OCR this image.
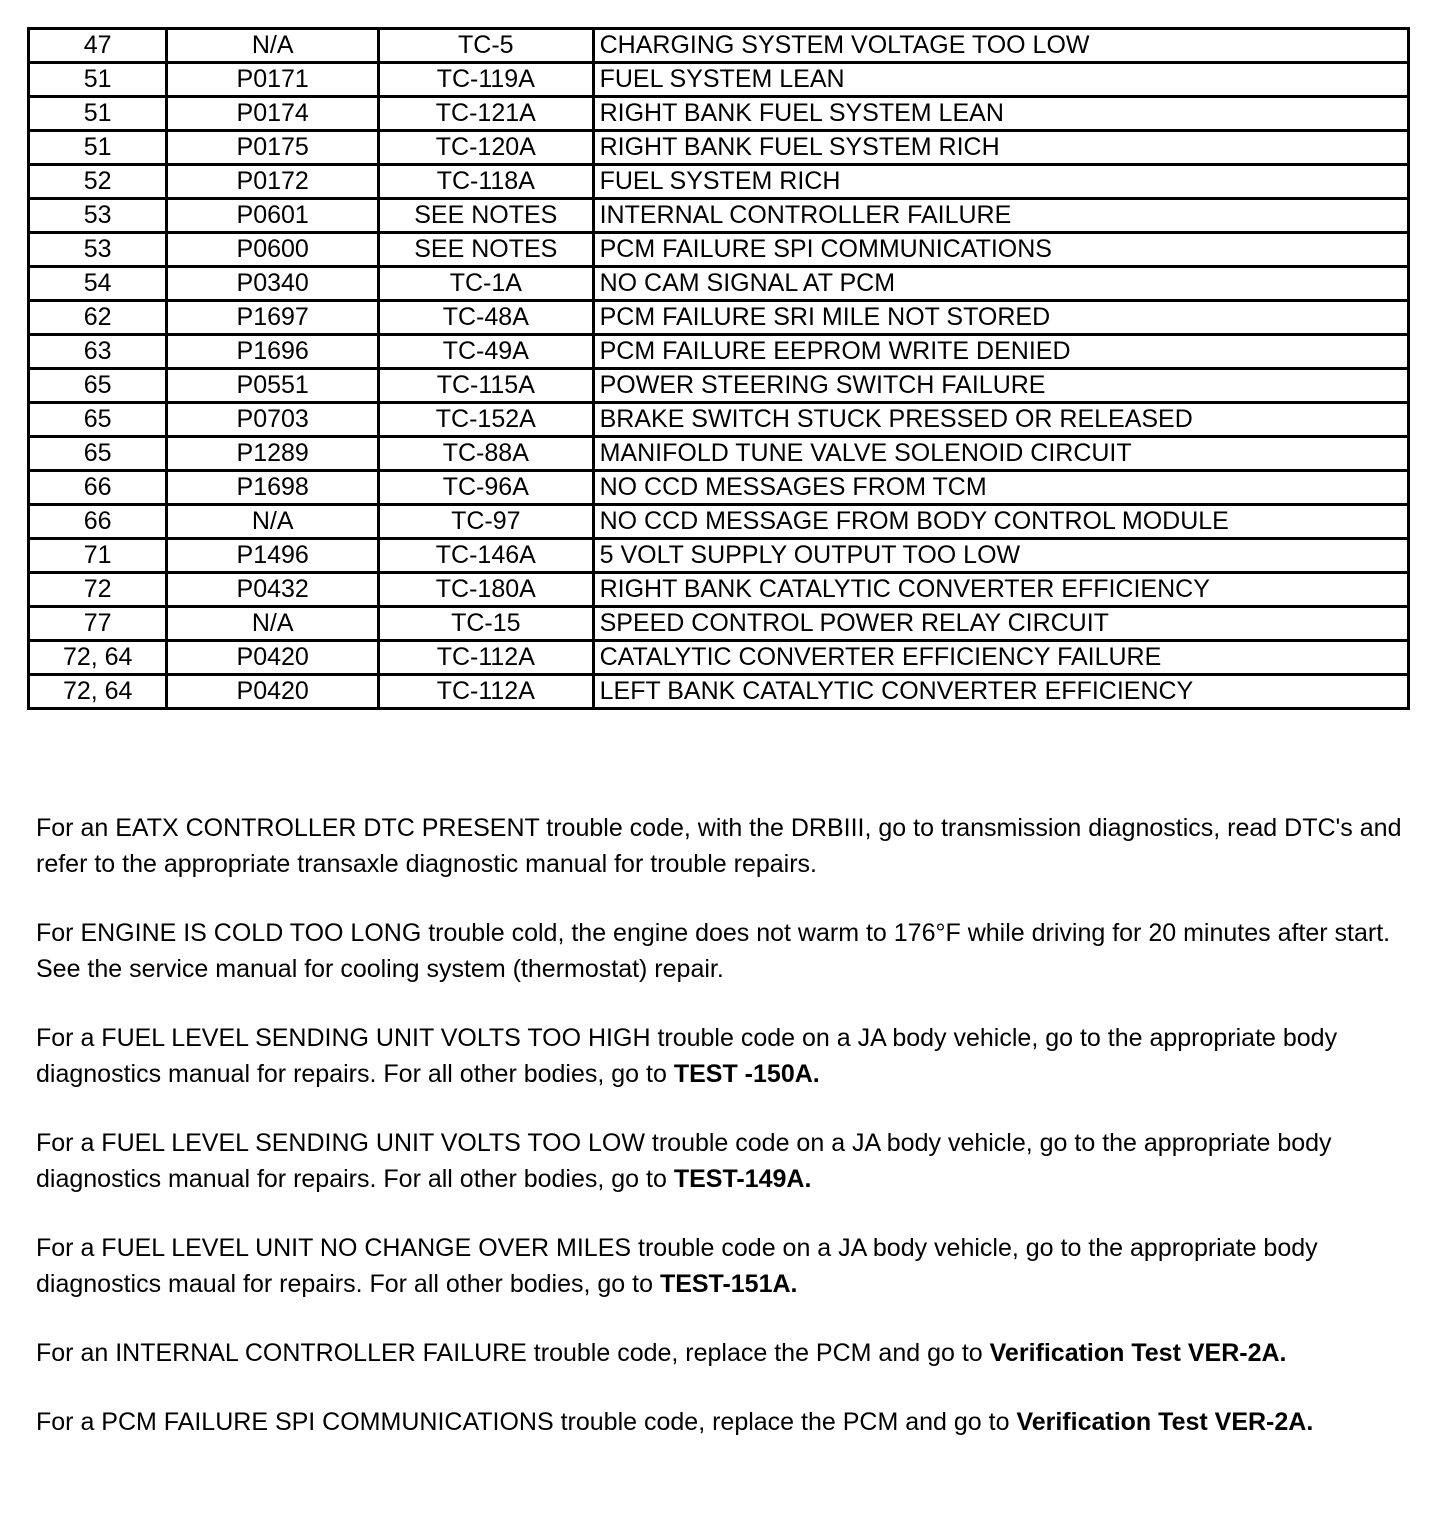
47	N/A	TC-5	CHARGING SYSTEM VOLTAGE TOO LOW
51	P0171	TC-119A	FUEL SYSTEM LEAN
51	P0174	TC-121A	RIGHT BANK FUEL SYSTEM LEAN
51	P0175	TC-120A	RIGHT BANK FUEL SYSTEM RICH
52	P0172	TC-118A	FUEL SYSTEM RICH
53	P0601	SEE NOTES	INTERNAL CONTROLLER FAILURE
53	P0600	SEE NOTES	PCM FAILURE SPI COMMUNICATIONS
54	P0340	TC-1A	NO CAM SIGNAL AT PCM
62	P1697	TC-48A	PCM FAILURE SRI MILE NOT STORED
63	P1696	TC-49A	PCM FAILURE EEPROM WRITE DENIED
65	P0551	TC-115A	POWER STEERING SWITCH FAILURE
65	P0703	TC-152A	BRAKE SWITCH STUCK PRESSED OR RELEASED
65	P1289	TC-88A	MANIFOLD TUNE VALVE SOLENOID CIRCUIT
66	P1698	TC-96A	NO CCD MESSAGES FROM TCM
66	N/A	TC-97	NO CCD MESSAGE FROM BODY CONTROL MODULE
71	P1496	TC-146A	5 VOLT SUPPLY OUTPUT TOO LOW
72	P0432	TC-180A	RIGHT BANK CATALYTIC CONVERTER EFFICIENCY
77	N/A	TC-15	SPEED CONTROL POWER RELAY CIRCUIT
72, 64	P0420	TC-112A	CATALYTIC CONVERTER EFFICIENCY FAILURE
72, 64	P0420	TC-112A	LEFT BANK CATALYTIC CONVERTER EFFICIENCY

For an EATX CONTROLLER DTC PRESENT trouble code, with the DRBIII, go to transmission diagnostics, read DTC's and refer to the appropriate transaxle diagnostic manual for trouble repairs.

For ENGINE IS COLD TOO LONG trouble cold, the engine does not warm to 176°F while driving for 20 minutes after start. See the service manual for cooling system (thermostat) repair.

For a FUEL LEVEL SENDING UNIT VOLTS TOO HIGH trouble code on a JA body vehicle, go to the appropriate body diagnostics manual for repairs. For all other bodies, go to TEST -150A.

For a FUEL LEVEL SENDING UNIT VOLTS TOO LOW trouble code on a JA body vehicle, go to the appropriate body diagnostics manual for repairs. For all other bodies, go to TEST-149A.

For a FUEL LEVEL UNIT NO CHANGE OVER MILES trouble code on a JA body vehicle, go to the appropriate body diagnostics maual for repairs. For all other bodies, go to TEST-151A.

For an INTERNAL CONTROLLER FAILURE trouble code, replace the PCM and go to Verification Test VER-2A.

For a PCM FAILURE SPI COMMUNICATIONS trouble code, replace the PCM and go to Verification Test VER-2A.
